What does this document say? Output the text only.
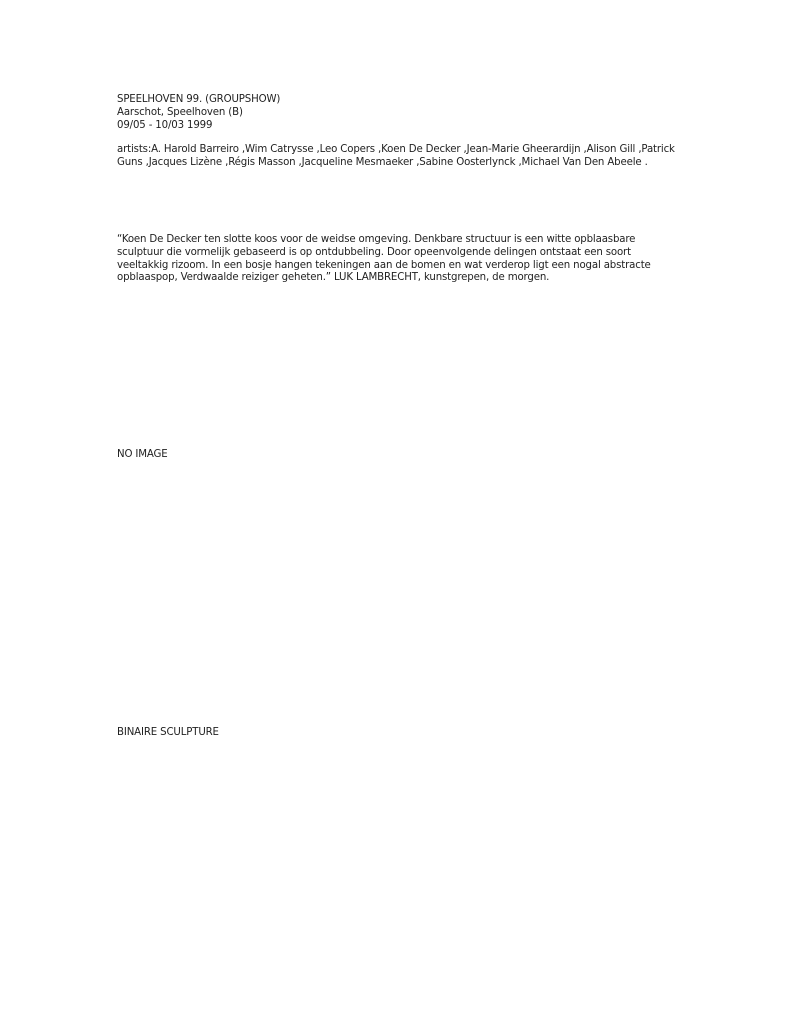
SPEELHOVEN 99. (GROUPSHOW)
Aarschot, Speelhoven (B)
09/05 - 10/03 1999
artists:A. Harold Barreiro ,Wim Catrysse ,Leo Copers ,Koen De Decker ,Jean-Marie Gheerardijn ,Alison Gill ,Patrick
Guns ,Jacques Lizène ,Régis Masson ,Jacqueline Mesmaeker ,Sabine Oosterlynck ,Michael Van Den Abeele .
“Koen De Decker ten slotte koos voor de weidse omgeving. Denkbare structuur is een witte opblaasbare
sculptuur die vormelijk gebaseerd is op ontdubbeling. Door opeenvolgende delingen ontstaat een soort
veeltakkig rizoom. In een bosje hangen tekeningen aan de bomen en wat verderop ligt een nogal abstracte
opblaaspop, Verdwaalde reiziger geheten.” LUK LAMBRECHT, kunstgrepen, de morgen.
NO IMAGE
BINAIRE SCULPTURE
